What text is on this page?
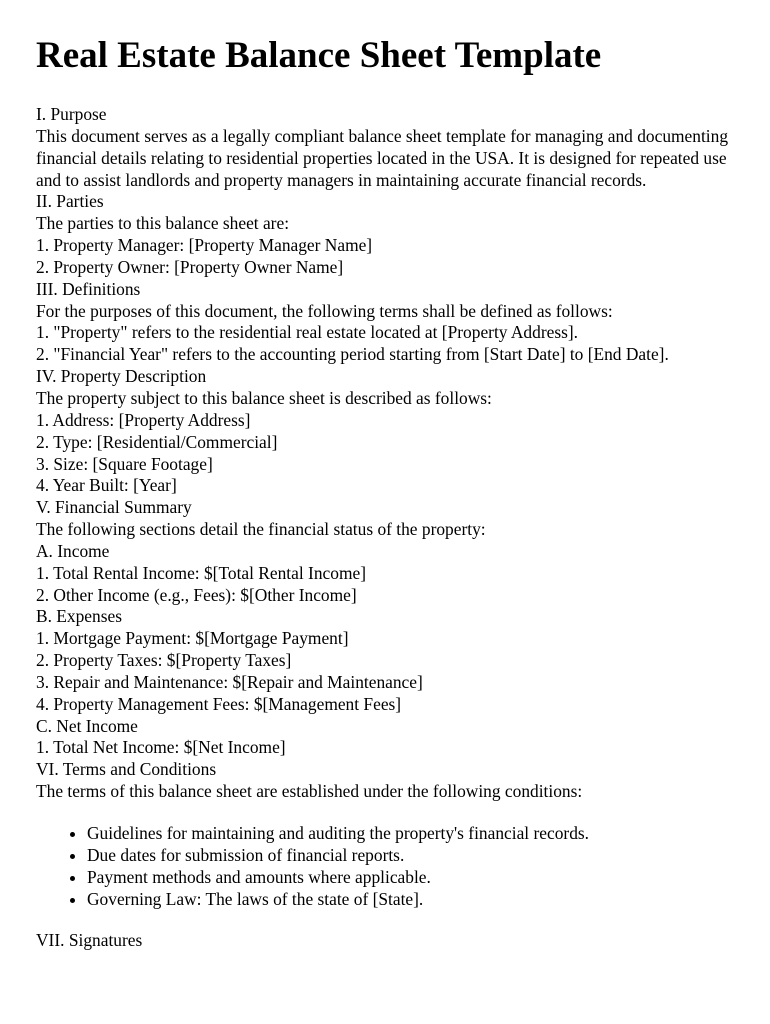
Real Estate Balance Sheet Template

I. Purpose

This document serves as a legally compliant balance sheet template for managing and documenting financial details relating to residential properties located in the USA. It is designed for repeated use and to assist landlords and property managers in maintaining accurate financial records.

II. Parties

The parties to this balance sheet are:

1. Property Manager: [Property Manager Name]

2. Property Owner: [Property Owner Name]

III. Definitions

For the purposes of this document, the following terms shall be defined as follows:

1. "Property" refers to the residential real estate located at [Property Address].

2. "Financial Year" refers to the accounting period starting from [Start Date] to [End Date].

IV. Property Description

The property subject to this balance sheet is described as follows:

1. Address: [Property Address]

2. Type: [Residential/Commercial]

3. Size: [Square Footage]

4. Year Built: [Year]

V. Financial Summary

The following sections detail the financial status of the property:

A. Income

1. Total Rental Income: $[Total Rental Income]

2. Other Income (e.g., Fees): $[Other Income]

B. Expenses

1. Mortgage Payment: $[Mortgage Payment]

2. Property Taxes: $[Property Taxes]

3. Repair and Maintenance: $[Repair and Maintenance]

4. Property Management Fees: $[Management Fees]

C. Net Income

1. Total Net Income: $[Net Income]

VI. Terms and Conditions

The terms of this balance sheet are established under the following conditions:

• Guidelines for maintaining and auditing the property's financial records.
• Due dates for submission of financial reports.
• Payment methods and amounts where applicable.
• Governing Law: The laws of the state of [State].

VII. Signatures
